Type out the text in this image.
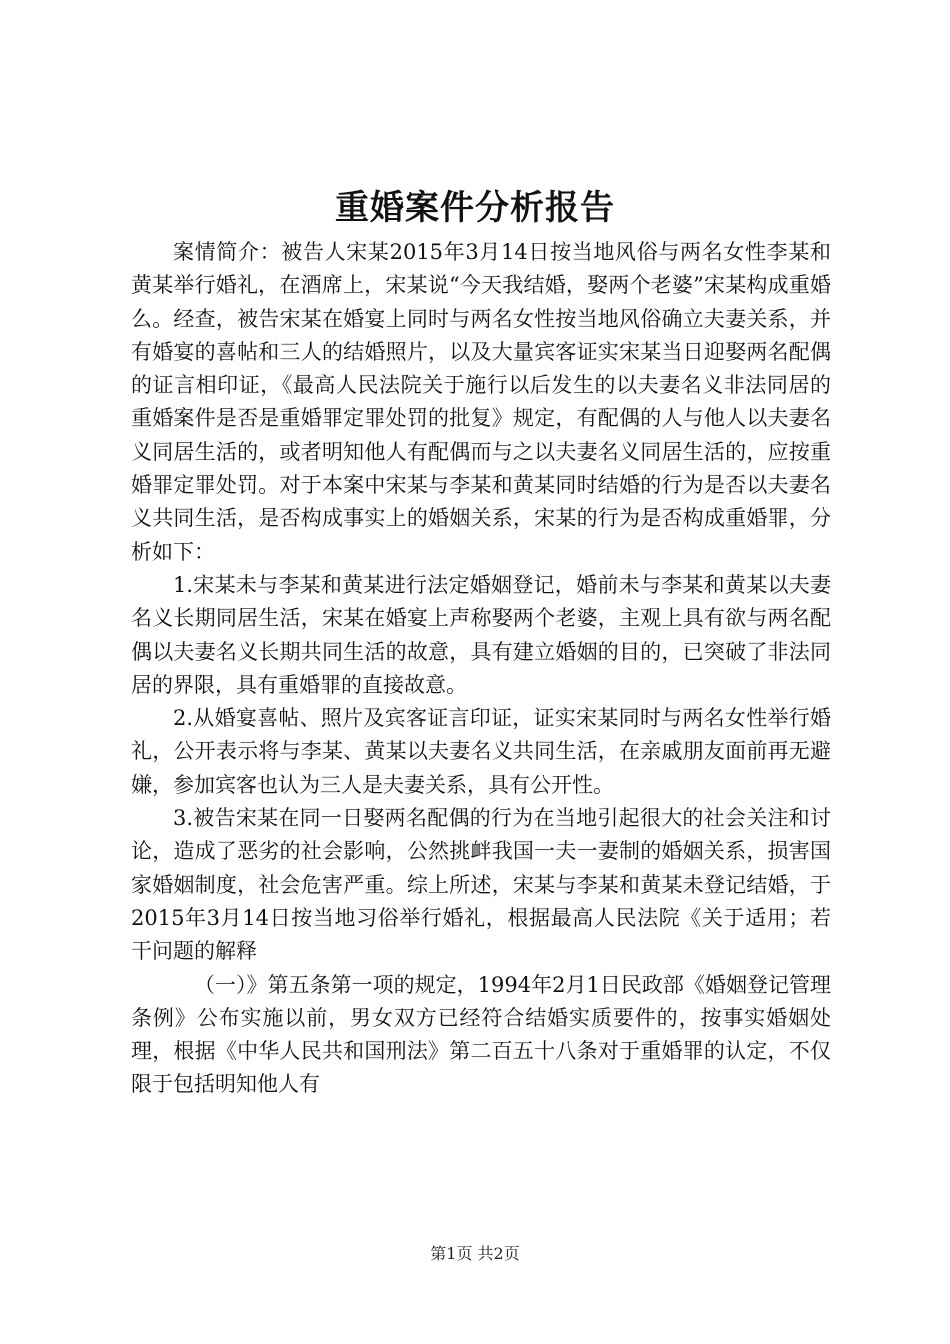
重婚案件分析报告

案情简介：被告人宋某2015年3月14日按当地风俗与两名女性李某和黄某举行婚礼，在酒席上，宋某说“今天我结婚，娶两个老婆”宋某构成重婚么。经查，被告宋某在婚宴上同时与两名女性按当地风俗确立夫妻关系，并有婚宴的喜帖和三人的结婚照片，以及大量宾客证实宋某当日迎娶两名配偶的证言相印证，《最高人民法院关于施行以后发生的以夫妻名义非法同居的重婚案件是否是重婚罪定罪处罚的批复》规定，有配偶的人与他人以夫妻名义同居生活的，或者明知他人有配偶而与之以夫妻名义同居生活的，应按重婚罪定罪处罚。对于本案中宋某与李某和黄某同时结婚的行为是否以夫妻名义共同生活，是否构成事实上的婚姻关系，宋某的行为是否构成重婚罪，分析如下：

1.宋某未与李某和黄某进行法定婚姻登记，婚前未与李某和黄某以夫妻名义长期同居生活，宋某在婚宴上声称娶两个老婆，主观上具有欲与两名配偶以夫妻名义长期共同生活的故意，具有建立婚姻的目的，已突破了非法同居的界限，具有重婚罪的直接故意。

2.从婚宴喜帖、照片及宾客证言印证，证实宋某同时与两名女性举行婚礼，公开表示将与李某、黄某以夫妻名义共同生活，在亲戚朋友面前再无避嫌，参加宾客也认为三人是夫妻关系，具有公开性。

3.被告宋某在同一日娶两名配偶的行为在当地引起很大的社会关注和讨论，造成了恶劣的社会影响，公然挑衅我国一夫一妻制的婚姻关系，损害国家婚姻制度，社会危害严重。综上所述，宋某与李某和黄某未登记结婚，于2015年3月14日按当地习俗举行婚礼，根据最高人民法院《关于适用；若干问题的解释

（一）》第五条第一项的规定，1994年2月1日民政部《婚姻登记管理条例》公布实施以前，男女双方已经符合结婚实质要件的，按事实婚姻处理，根据《中华人民共和国刑法》第二百五十八条对于重婚罪的认定，不仅限于包括明知他人有

第1页 共2页
